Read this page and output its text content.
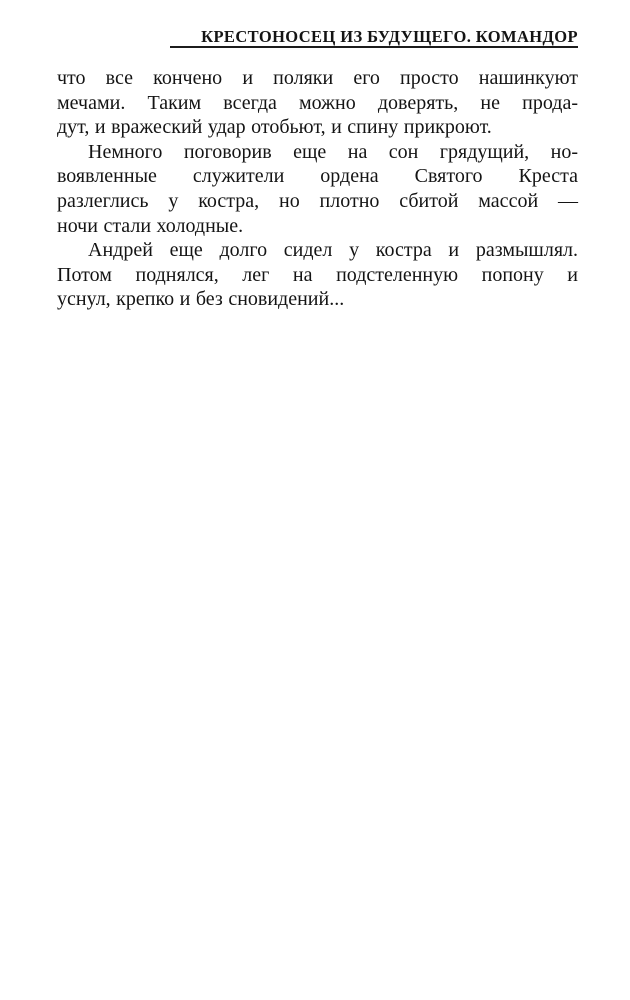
КРЕСТОНОСЕЦ ИЗ БУДУЩЕГО. КОМАНДОР
что все кончено и поляки его просто нашинкуют
мечами. Таким всегда можно доверять, не прода-
дут, и вражеский удар отобьют, и спину прикроют.
Немного поговорив еще на сон грядущий, но-
воявленные служители ордена Святого Креста
разлеглись у костра, но плотно сбитой массой —
ночи стали холодные.
Андрей еще долго сидел у костра и размышлял.
Потом поднялся, лег на подстеленную попону и
уснул, крепко и без сновидений...
